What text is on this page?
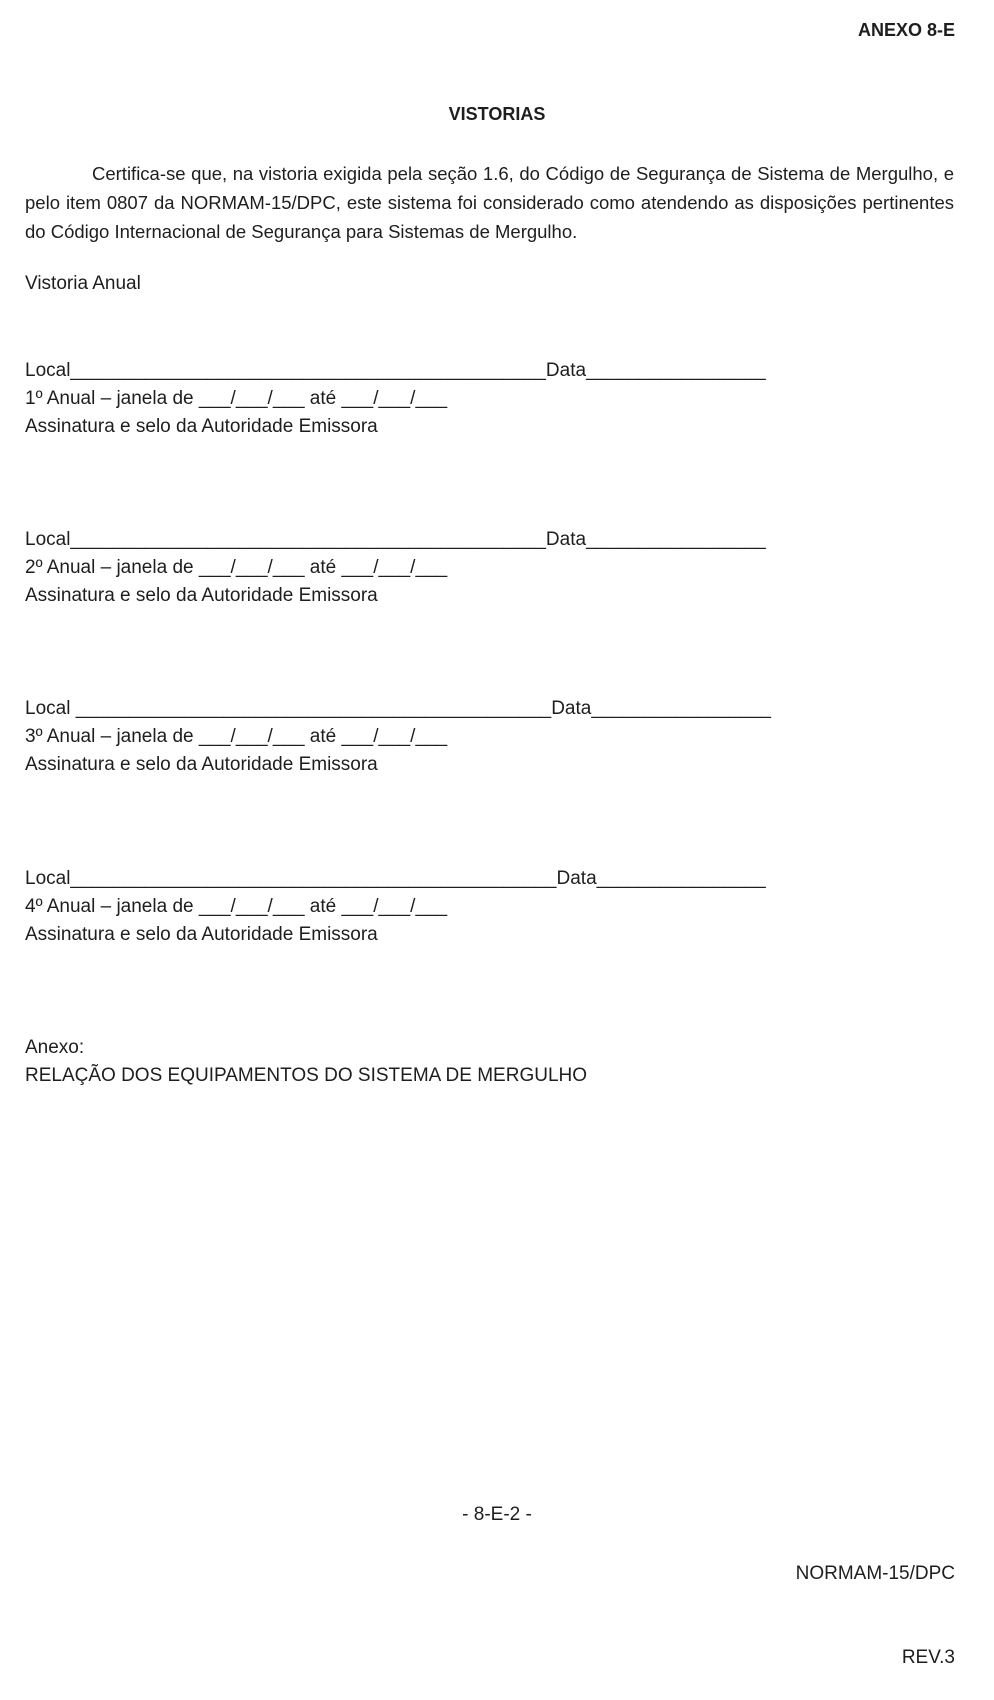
ANEXO 8-E
VISTORIAS

Certifica-se que, na vistoria exigida pela seção 1.6, do Código de Segurança de Sistema de Mergulho, e pelo item 0807 da NORMAM-15/DPC, este sistema foi considerado como atendendo as disposições pertinentes do Código Internacional de Segurança para Sistemas de Mergulho.

Vistoria Anual
Local_____________________________________________Data_________________
1º Anual – janela de ___/___/___ até ___/___/___
Assinatura e selo da Autoridade Emissora
Local_____________________________________________Data_________________
2º Anual – janela de ___/___/___ até ___/___/___
Assinatura e selo da Autoridade Emissora
Local _____________________________________________Data_________________
3º Anual – janela de ___/___/___ até ___/___/___
Assinatura e selo da Autoridade Emissora
Local______________________________________________Data________________
4º Anual – janela de ___/___/___ até ___/___/___
Assinatura e selo da Autoridade Emissora
Anexo:
RELAÇÃO DOS EQUIPAMENTOS DO SISTEMA DE MERGULHO
- 8-E-2 -

NORMAM-15/DPC

REV.3
